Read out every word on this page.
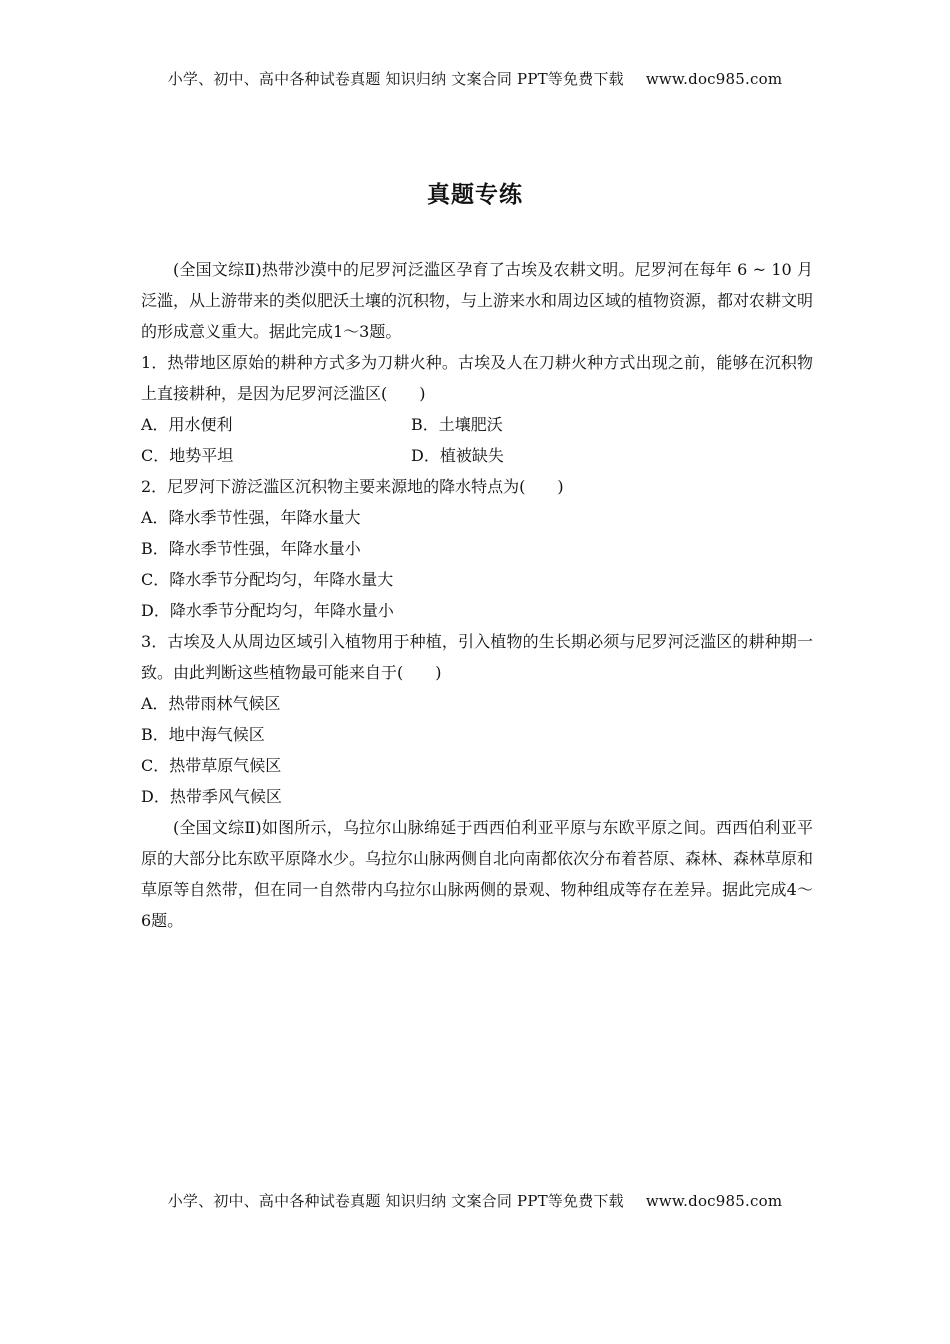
小学、初中、高中各种试卷真题 知识归纳 文案合同 PPT等免费下载 www.doc985.com
真题专练

(全国文综Ⅱ)热带沙漠中的尼罗河泛滥区孕育了古埃及农耕文明。尼罗河在每年 6 ~ 10 月泛滥，从上游带来的类似肥沃土壤的沉积物，与上游来水和周边区域的植物资源，都对农耕文明的形成意义重大。据此完成1～3题。

1．热带地区原始的耕种方式多为刀耕火种。古埃及人在刀耕火种方式出现之前，能够在沉积物上直接耕种，是因为尼罗河泛滥区(　　)

A．用水便利	B．土壤肥沃
C．地势平坦	D．植被缺失

2．尼罗河下游泛滥区沉积物主要来源地的降水特点为(　　)

A．降水季节性强，年降水量大
B．降水季节性强，年降水量小
C．降水季节分配均匀，年降水量大
D．降水季节分配均匀，年降水量小

3．古埃及人从周边区域引入植物用于种植，引入植物的生长期必须与尼罗河泛滥区的耕种期一致。由此判断这些植物最可能来自于(　　)

A．热带雨林气候区
B．地中海气候区
C．热带草原气候区
D．热带季风气候区

(全国文综Ⅱ)如图所示，乌拉尔山脉绵延于西西伯利亚平原与东欧平原之间。西西伯利亚平原的大部分比东欧平原降水少。乌拉尔山脉两侧自北向南都依次分布着苔原、森林、森林草原和草原等自然带，但在同一自然带内乌拉尔山脉两侧的景观、物种组成等存在差异。据此完成4～6题。

小学、初中、高中各种试卷真题 知识归纳 文案合同 PPT等免费下载 www.doc985.com
